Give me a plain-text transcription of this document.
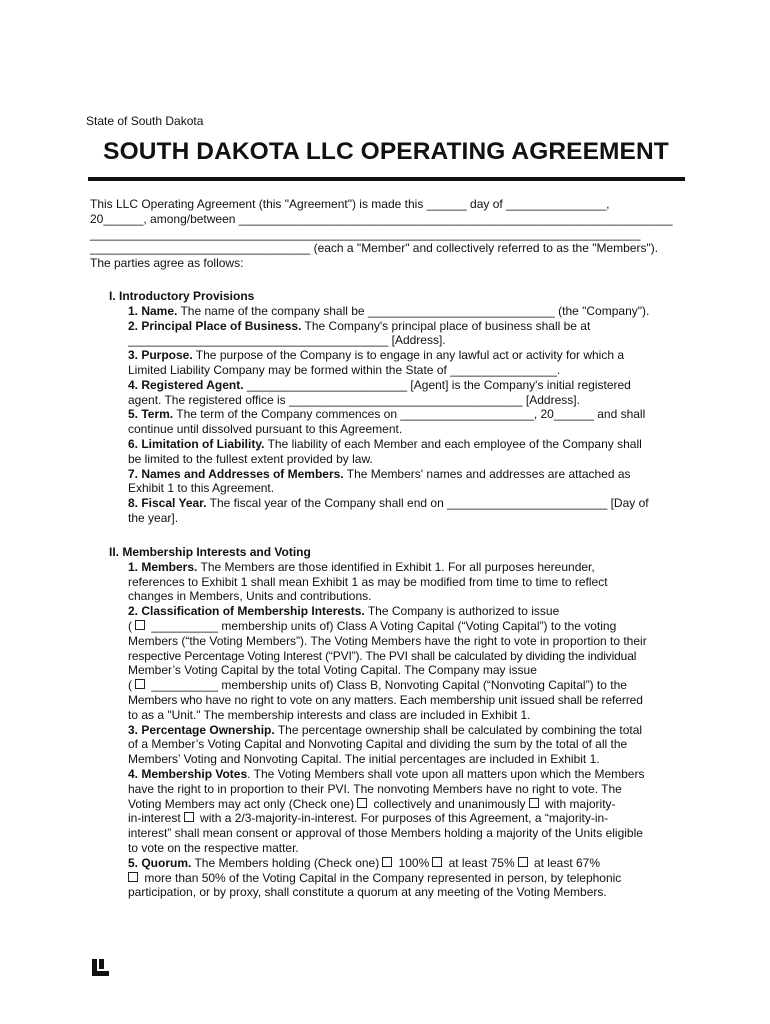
State of South Dakota
SOUTH DAKOTA LLC OPERATING AGREEMENT
This LLC Operating Agreement (this "Agreement") is made this ______ day of _______________,
20______, among/between _________________________________________________________________
_____________________________________________________________________________________
_________________________________ (each a "Member" and collectively referred to as the "Members").
The parties agree as follows:
I. Introductory Provisions
1. Name. The name of the company shall be ____________________________ (the "Company").
2. Principal Place of Business. The Company's principal place of business shall be at
_______________________________________ [Address].
3. Purpose. The purpose of the Company is to engage in any lawful act or activity for which a
Limited Liability Company may be formed within the State of ________________.
4. Registered Agent. ________________________ [Agent] is the Company's initial registered
agent. The registered office is ___________________________________ [Address].
5. Term. The term of the Company commences on ____________________, 20______ and shall
continue until dissolved pursuant to this Agreement.
6. Limitation of Liability. The liability of each Member and each employee of the Company shall
be limited to the fullest extent provided by law.
7. Names and Addresses of Members. The Members' names and addresses are attached as
Exhibit 1 to this Agreement.
8. Fiscal Year. The fiscal year of the Company shall end on ________________________ [Day of
the year].
II. Membership Interests and Voting
1. Members. The Members are those identified in Exhibit 1. For all purposes hereunder,
references to Exhibit 1 shall mean Exhibit 1 as may be modified from time to time to reflect
changes in Members, Units and contributions.
2. Classification of Membership Interests. The Company is authorized to issue
( __________ membership units of) Class A Voting Capital (“Voting Capital”) to the voting
Members (“the Voting Members”). The Voting Members have the right to vote in proportion to their
respective Percentage Voting Interest (“PVI”). The PVI shall be calculated by dividing the individual
Member’s Voting Capital by the total Voting Capital. The Company may issue
( __________ membership units of) Class B, Nonvoting Capital (“Nonvoting Capital”) to the
Members who have no right to vote on any matters. Each membership unit issued shall be referred
to as a "Unit." The membership interests and class are included in Exhibit 1.
3. Percentage Ownership. The percentage ownership shall be calculated by combining the total
of a Member’s Voting Capital and Nonvoting Capital and dividing the sum by the total of all the
Members’ Voting and Nonvoting Capital. The initial percentages are included in Exhibit 1.
4. Membership Votes. The Voting Members shall vote upon all matters upon which the Members
have the right to in proportion to their PVI. The nonvoting Members have no right to vote. The
Voting Members may act only (Check one) collectively and unanimously with majority-
in-interest with a 2/3-majority-in-interest. For purposes of this Agreement, a “majority-in-
interest” shall mean consent or approval of those Members holding a majority of the Units eligible
to vote on the respective matter.
5. Quorum. The Members holding (Check one) 100% at least 75% at least 67%
more than 50% of the Voting Capital in the Company represented in person, by telephonic
participation, or by proxy, shall constitute a quorum at any meeting of the Voting Members.
